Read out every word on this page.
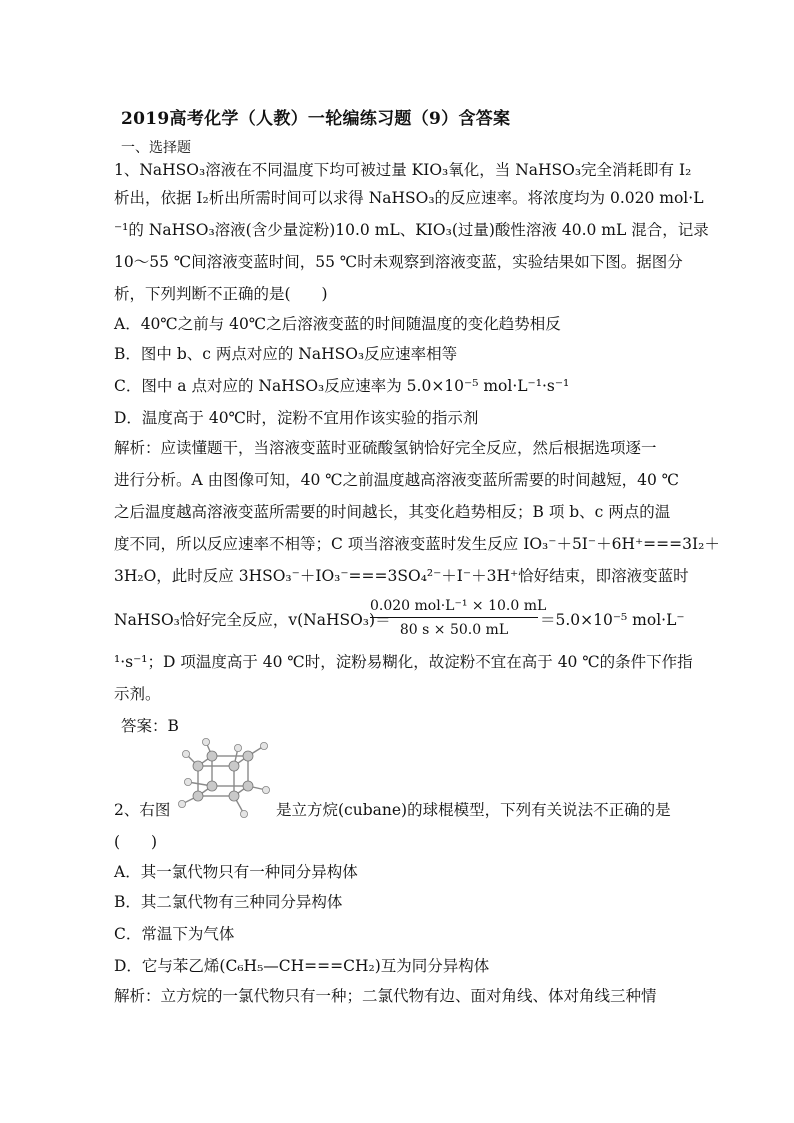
2019高考化学（人教）一轮编练习题（9）含答案
一、选择题
1、NaHSO₃溶液在不同温度下均可被过量 KIO₃氧化，当 NaHSO₃完全消耗即有 I₂
析出，依据 I₂析出所需时间可以求得 NaHSO₃的反应速率。将浓度均为 0.020 mol·L
⁻¹的 NaHSO₃溶液(含少量淀粉)10.0 mL、KIO₃(过量)酸性溶液 40.0 mL 混合，记录
10～55 ℃间溶液变蓝时间，55 ℃时未观察到溶液变蓝，实验结果如下图。据图分
析，下列判断不正确的是(　　)
A．40℃之前与 40℃之后溶液变蓝的时间随温度的变化趋势相反
B．图中 b、c 两点对应的 NaHSO₃反应速率相等
C．图中 a 点对应的 NaHSO₃反应速率为 5.0×10⁻⁵ mol·L⁻¹·s⁻¹
D．温度高于 40℃时，淀粉不宜用作该实验的指示剂
解析：应读懂题干，当溶液变蓝时亚硫酸氢钠恰好完全反应，然后根据选项逐一
进行分析。A 由图像可知，40 ℃之前温度越高溶液变蓝所需要的时间越短，40 ℃
之后温度越高溶液变蓝所需要的时间越长，其变化趋势相反；B 项 b、c 两点的温
度不同，所以反应速率不相等；C 项当溶液变蓝时发生反应 IO₃⁻＋5I⁻＋6H⁺===3I₂＋
3H₂O，此时反应 3HSO₃⁻＋IO₃⁻===3SO₄²⁻＋I⁻＋3H⁺恰好结束，即溶液变蓝时
NaHSO₃恰好完全反应，v(NaHSO₃)＝
0.020 mol·L⁻¹ × 10.0 mL
80 s × 50.0 mL
＝5.0×10⁻⁵ mol·L⁻
¹·s⁻¹；D 项温度高于 40 ℃时，淀粉易糊化，故淀粉不宜在高于 40 ℃的条件下作指
示剂。
答案：B
2、右图	是立方烷(cubane)的球棍模型，下列有关说法不正确的是
(　　)
A．其一氯代物只有一种同分异构体
B．其二氯代物有三种同分异构体
C．常温下为气体
D．它与苯乙烯(C₆H₅—CH===CH₂)互为同分异构体
解析：立方烷的一氯代物只有一种；二氯代物有边、面对角线、体对角线三种情
